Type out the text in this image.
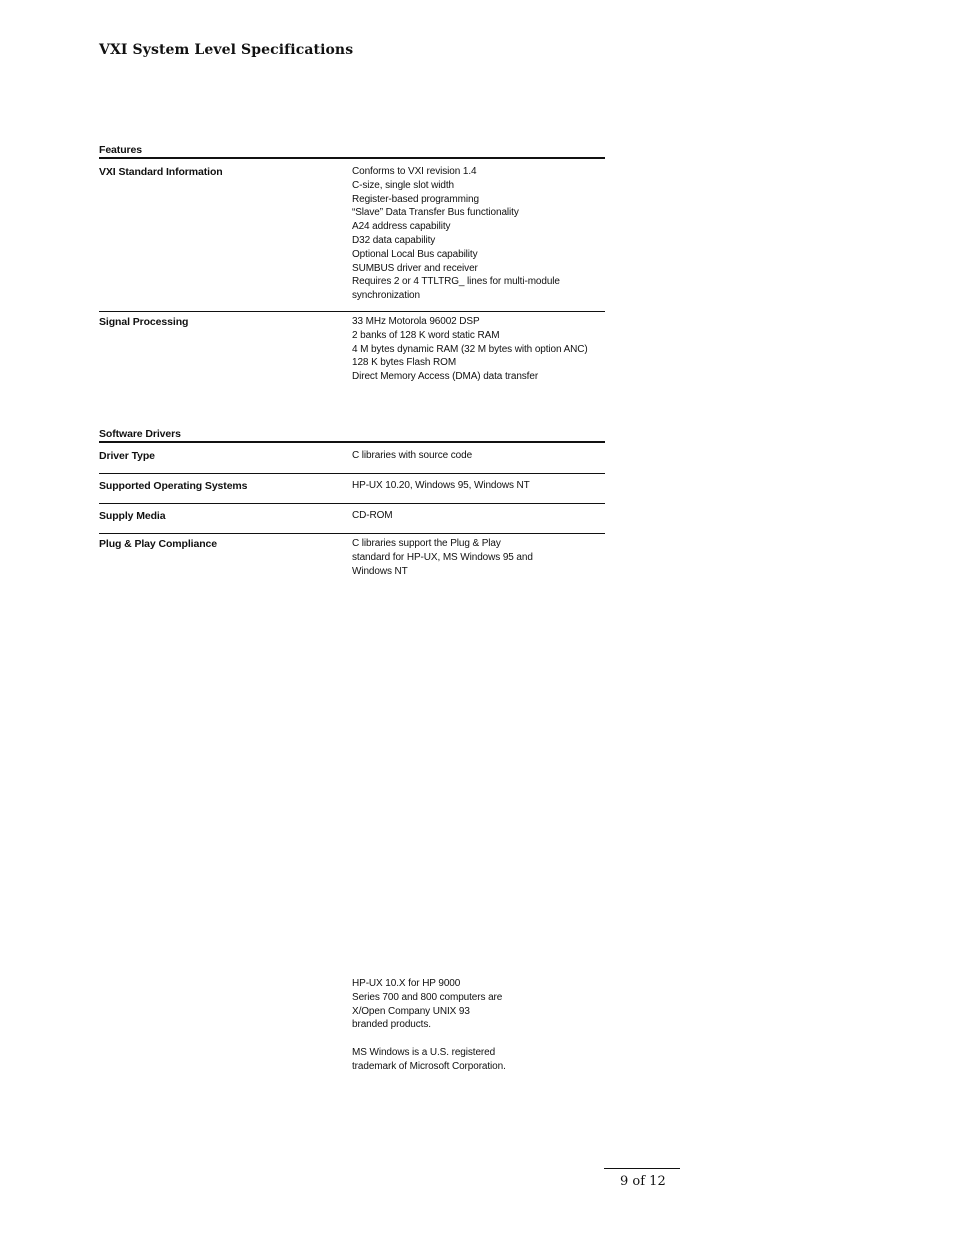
VXI System Level Specifications
Features
VXI Standard Information	Conforms to VXI revision 1.4
C-size, single slot width
Register-based programming
“Slave” Data Transfer Bus functionality
A24 address capability
D32 data capability
Optional Local Bus capability
SUMBUS driver and receiver
Requires 2 or 4 TTLTRG_ lines for multi-module
synchronization
Signal Processing	33 MHz Motorola 96002 DSP
2 banks of 128 K word static RAM
4 M bytes dynamic RAM (32 M bytes with option ANC)
128 K bytes Flash ROM
Direct Memory Access (DMA) data transfer
Software Drivers
Driver Type	C libraries with source code
Supported Operating Systems	HP-UX 10.20, Windows 95, Windows NT
Supply Media	CD-ROM
Plug & Play Compliance	C libraries support the Plug & Play
standard for HP-UX, MS Windows 95 and
Windows NT
HP-UX 10.X for HP 9000
Series 700 and 800 computers are
X/Open Company UNIX 93
branded products.
MS Windows is a U.S. registered
trademark of Microsoft Corporation.
9 of 12
